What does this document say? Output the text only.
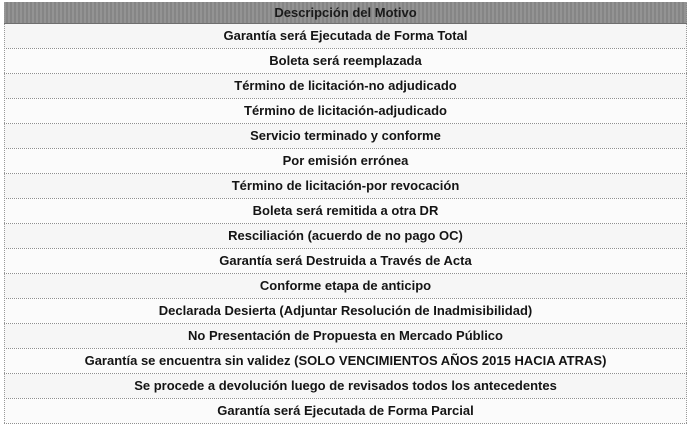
Descripción del Motivo
Garantía será Ejecutada de Forma Total
Boleta será reemplazada
Término de licitación-no adjudicado
Término de licitación-adjudicado
Servicio terminado y conforme
Por emisión errónea
Término de licitación-por revocación
Boleta será remitida a otra DR
Resciliación (acuerdo de no pago OC)
Garantía será Destruida a Través de Acta
Conforme etapa de anticipo
Declarada Desierta (Adjuntar Resolución de Inadmisibilidad)
No Presentación de Propuesta en Mercado Público
Garantía se encuentra sin validez (SOLO VENCIMIENTOS AÑOS 2015 HACIA ATRAS)
Se procede a devolución luego de revisados todos los antecedentes
Garantía será Ejecutada de Forma Parcial
